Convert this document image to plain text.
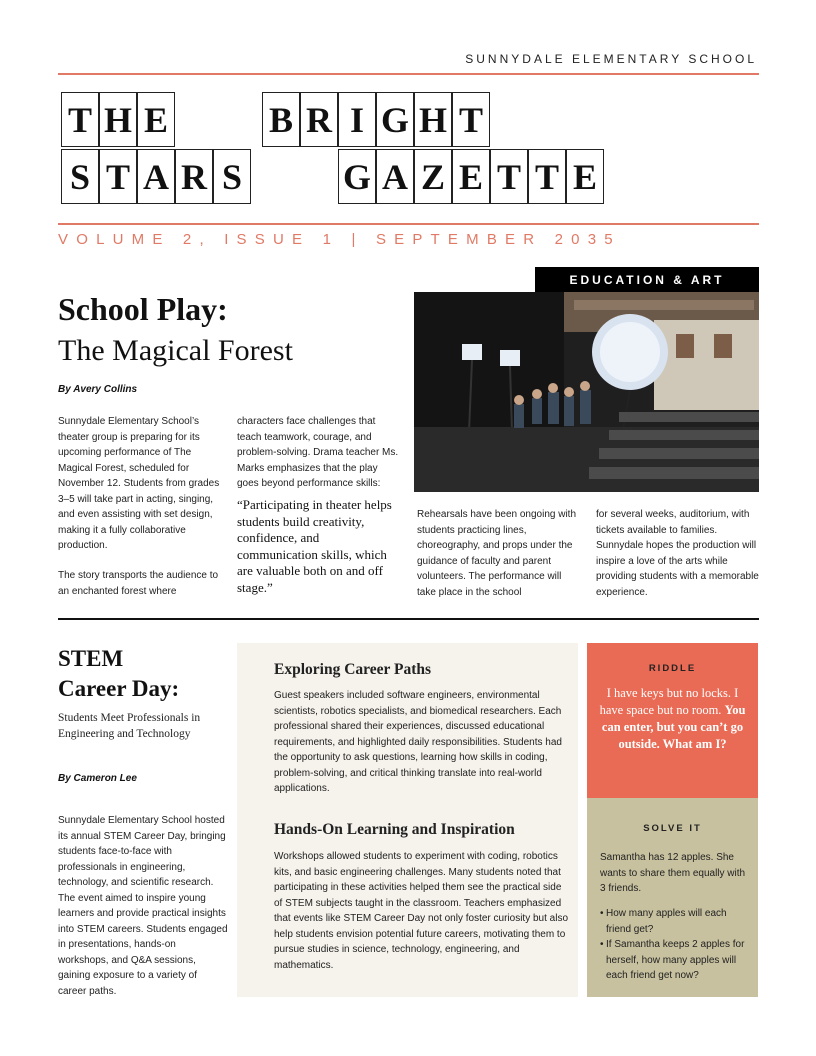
SUNNYDALE ELEMENTARY SCHOOL
T H E	B R I G H T
S T A R S	G A Z E T T E
VOLUME 2, ISSUE 1 | SEPTEMBER 2035
EDUCATION & ART
School Play:
The Magical Forest
By Avery Collins
Sunnydale Elementary School’s theater group is preparing for its upcoming performance of The Magical Forest, scheduled for November 12. Students from grades 3–5 will take part in acting, singing, and even assisting with set design, making it a fully collaborative production.
The story transports the audience to an enchanted forest where
characters face challenges that teach teamwork, courage, and problem-solving. Drama teacher Ms. Marks emphasizes that the play goes beyond performance skills:
“Participating in theater helps students build creativity, confidence, and communication skills, which are valuable both on and off stage.”
Rehearsals have been ongoing with students practicing lines, choreography, and props under the guidance of faculty and parent volunteers. The performance will take place in the school
for several weeks, auditorium, with tickets available to families. Sunnydale hopes the production will inspire a love of the arts while providing students with a memorable experience.
STEM
Career Day:
Students Meet Professionals in Engineering and Technology
By Cameron Lee
Sunnydale Elementary School hosted its annual STEM Career Day, bringing students face-to-face with professionals in engineering, technology, and scientific research. The event aimed to inspire young learners and provide practical insights into STEM careers. Students engaged in presentations, hands-on workshops, and Q&A sessions, gaining exposure to a variety of career paths.
Exploring Career Paths
Guest speakers included software engineers, environmental scientists, robotics specialists, and biomedical researchers. Each professional shared their experiences, discussed educational requirements, and highlighted daily responsibilities. Students had the opportunity to ask questions, learning how skills in coding, problem-solving, and critical thinking translate into real-world applications.
Hands-On Learning and Inspiration
Workshops allowed students to experiment with coding, robotics kits, and basic engineering challenges. Many students noted that participating in these activities helped them see the practical side of STEM subjects taught in the classroom. Teachers emphasized that events like STEM Career Day not only foster curiosity but also help students envision potential future careers, motivating them to pursue studies in science, technology, engineering, and mathematics.
RIDDLE
I have keys but no locks. I have space but no room. You can enter, but you can’t go outside. What am I?
SOLVE IT
Samantha has 12 apples. She wants to share them equally with 3 friends.
• How many apples will each friend get?
• If Samantha keeps 2 apples for herself, how many apples will each friend get now?
